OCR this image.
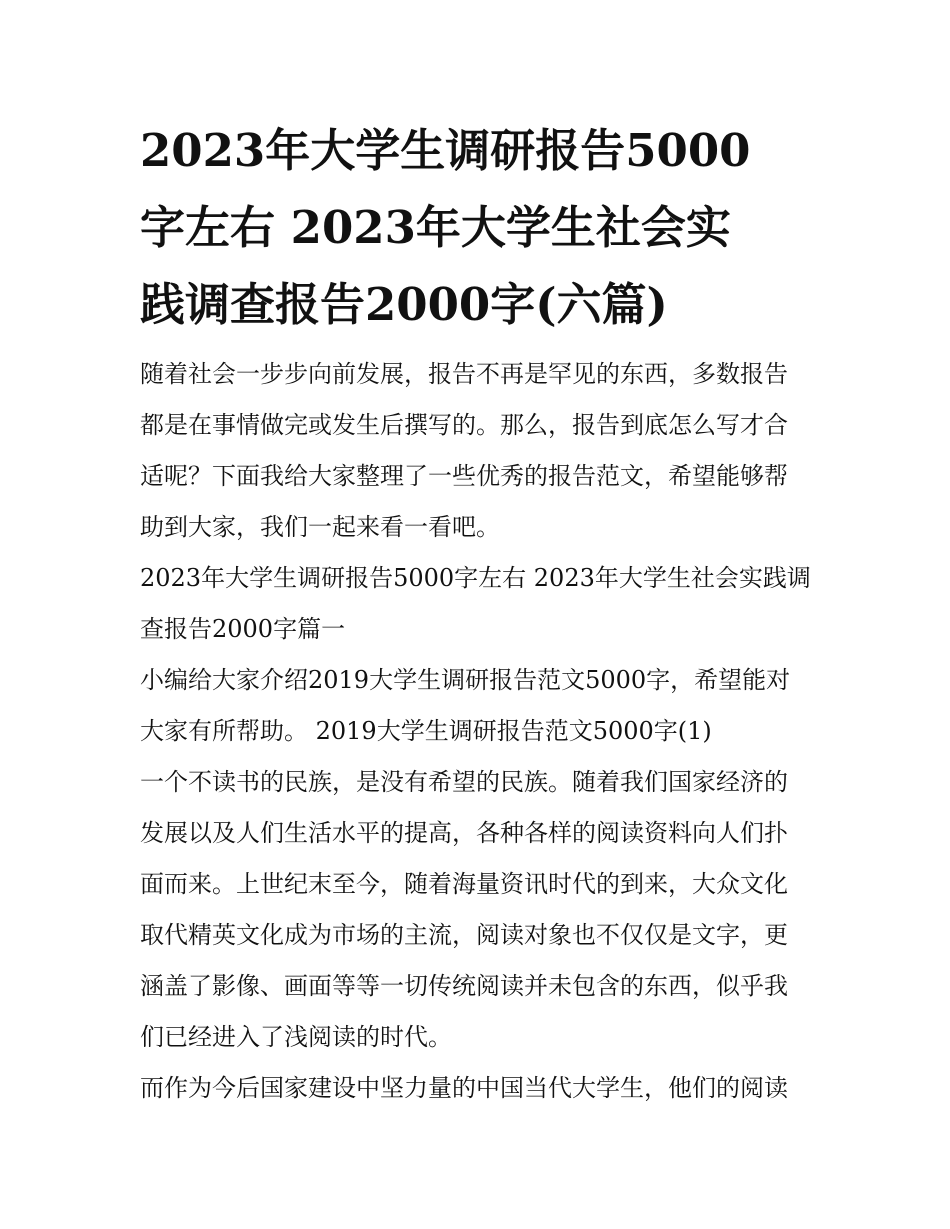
2023年大学生调研报告5000
字左右 2023年大学生社会实
践调查报告2000字(六篇)

随着社会一步步向前发展，报告不再是罕见的东西，多数报告
都是在事情做完或发生后撰写的。那么，报告到底怎么写才合
适呢？下面我给大家整理了一些优秀的报告范文，希望能够帮
助到大家，我们一起来看一看吧。

2023年大学生调研报告5000字左右 2023年大学生社会实践调
查报告2000字篇一

小编给大家介绍2019大学生调研报告范文5000字，希望能对
大家有所帮助。 2019大学生调研报告范文5000字(1)

一个不读书的民族，是没有希望的民族。随着我们国家经济的
发展以及人们生活水平的提高，各种各样的阅读资料向人们扑
面而来。上世纪末至今，随着海量资讯时代的到来，大众文化
取代精英文化成为市场的主流，阅读对象也不仅仅是文字，更
涵盖了影像、画面等等一切传统阅读并未包含的东西，似乎我
们已经进入了浅阅读的时代。

而作为今后国家建设中坚力量的中国当代大学生，他们的阅读
